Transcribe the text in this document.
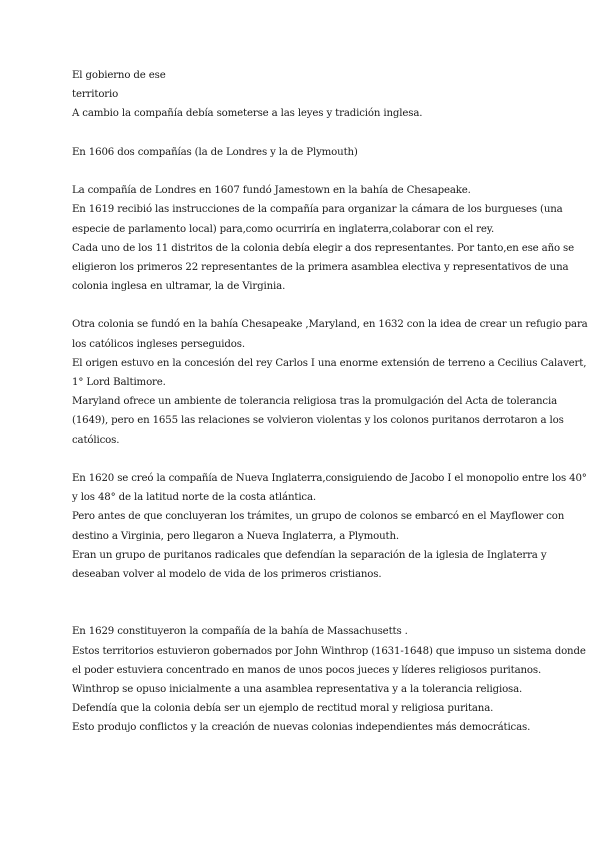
El gobierno de ese
territorio
A cambio la compañía debía someterse a las leyes y tradición inglesa.
En 1606 dos compañías (la de Londres y la de Plymouth)
La compañía de Londres en 1607 fundó Jamestown en la bahía de Chesapeake.
En 1619 recibió las instrucciones de la compañía para organizar la cámara de los burgueses (una
especie de parlamento local) para,como ocurriría en inglaterra,colaborar con el rey.
Cada uno de los 11 distritos de la colonia debía elegir a dos representantes. Por tanto,en ese año se
eligieron los primeros 22 representantes de la primera asamblea electiva y representativos de una
colonia inglesa en ultramar, la de Virginia.
Otra colonia se fundó en la bahía Chesapeake ,Maryland, en 1632 con la idea de crear un refugio para
los católicos ingleses perseguidos.
El origen estuvo en la concesión del rey Carlos I una enorme extensión de terreno a Cecilius Calavert,
1° Lord Baltimore.
Maryland ofrece un ambiente de tolerancia religiosa tras la promulgación del Acta de tolerancia
(1649), pero en 1655 las relaciones se volvieron violentas y los colonos puritanos derrotaron a los
católicos.
En 1620 se creó la compañía de Nueva Inglaterra,consiguiendo de Jacobo I el monopolio entre los 40°
y los 48° de la latitud norte de la costa atlántica.
Pero antes de que concluyeran los trámites, un grupo de colonos se embarcó en el Mayflower con
destino a Virginia, pero llegaron a Nueva Inglaterra, a Plymouth.
Eran un grupo de puritanos radicales que defendían la separación de la iglesia de Inglaterra y
deseaban volver al modelo de vida de los primeros cristianos.
En 1629 constituyeron la compañía de la bahía de Massachusetts .
Estos territorios estuvieron gobernados por John Winthrop (1631-1648) que impuso un sistema donde
el poder estuviera concentrado en manos de unos pocos jueces y líderes religiosos puritanos.
Winthrop se opuso inicialmente a una asamblea representativa y a la tolerancia religiosa.
Defendía que la colonia debía ser un ejemplo de rectitud moral y religiosa puritana.
Esto produjo conflictos y la creación de nuevas colonias independientes más democráticas.
